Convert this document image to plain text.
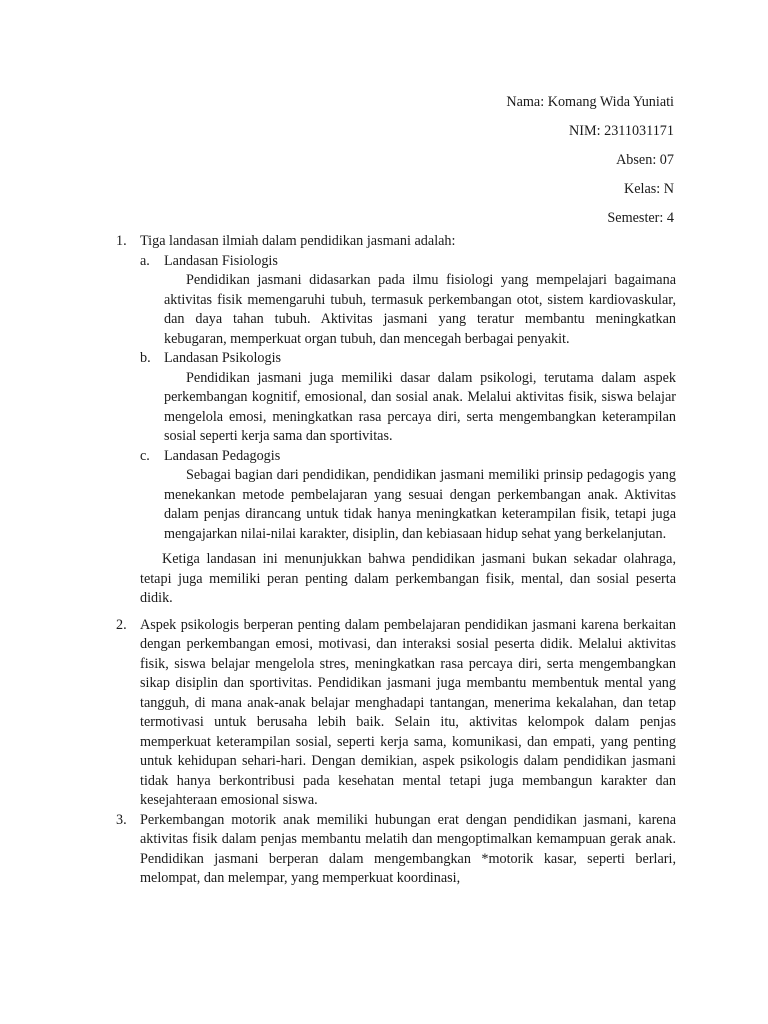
Nama: Komang Wida Yuniati
NIM: 2311031171
Absen: 07
Kelas: N
Semester: 4
1. Tiga landasan ilmiah dalam pendidikan jasmani adalah:
a. Landasan Fisiologis

Pendidikan jasmani didasarkan pada ilmu fisiologi yang mempelajari bagaimana aktivitas fisik memengaruhi tubuh, termasuk perkembangan otot, sistem kardiovaskular, dan daya tahan tubuh. Aktivitas jasmani yang teratur membantu meningkatkan kebugaran, memperkuat organ tubuh, dan mencegah berbagai penyakit.

b. Landasan Psikologis

Pendidikan jasmani juga memiliki dasar dalam psikologi, terutama dalam aspek perkembangan kognitif, emosional, dan sosial anak. Melalui aktivitas fisik, siswa belajar mengelola emosi, meningkatkan rasa percaya diri, serta mengembangkan keterampilan sosial seperti kerja sama dan sportivitas.

c. Landasan Pedagogis

Sebagai bagian dari pendidikan, pendidikan jasmani memiliki prinsip pedagogis yang menekankan metode pembelajaran yang sesuai dengan perkembangan anak. Aktivitas dalam penjas dirancang untuk tidak hanya meningkatkan keterampilan fisik, tetapi juga mengajarkan nilai-nilai karakter, disiplin, dan kebiasaan hidup sehat yang berkelanjutan.

Ketiga landasan ini menunjukkan bahwa pendidikan jasmani bukan sekadar olahraga, tetapi juga memiliki peran penting dalam perkembangan fisik, mental, dan sosial peserta didik.

2. Aspek psikologis berperan penting dalam pembelajaran pendidikan jasmani karena berkaitan dengan perkembangan emosi, motivasi, dan interaksi sosial peserta didik. Melalui aktivitas fisik, siswa belajar mengelola stres, meningkatkan rasa percaya diri, serta mengembangkan sikap disiplin dan sportivitas. Pendidikan jasmani juga membantu membentuk mental yang tangguh, di mana anak-anak belajar menghadapi tantangan, menerima kekalahan, dan tetap termotivasi untuk berusaha lebih baik. Selain itu, aktivitas kelompok dalam penjas memperkuat keterampilan sosial, seperti kerja sama, komunikasi, dan empati, yang penting untuk kehidupan sehari-hari. Dengan demikian, aspek psikologis dalam pendidikan jasmani tidak hanya berkontribusi pada kesehatan mental tetapi juga membangun karakter dan kesejahteraan emosional siswa.

3. Perkembangan motorik anak memiliki hubungan erat dengan pendidikan jasmani, karena aktivitas fisik dalam penjas membantu melatih dan mengoptimalkan kemampuan gerak anak. Pendidikan jasmani berperan dalam mengembangkan *motorik kasar, seperti berlari, melompat, dan melempar, yang memperkuat koordinasi,
